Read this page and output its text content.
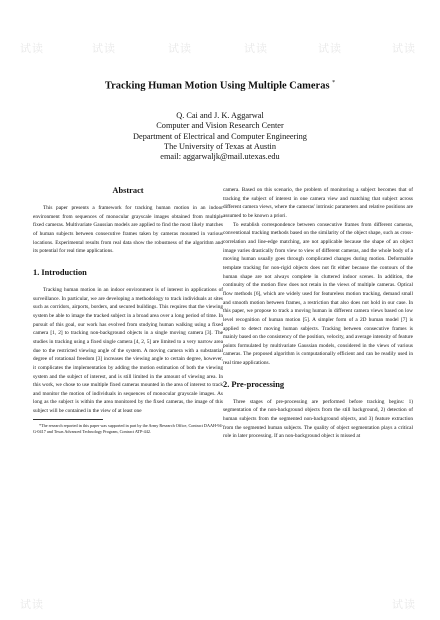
试读	试读	试读	试读	试读
试读
试读
试读
Tracking Human Motion Using Multiple Cameras *
Q. Cai and J. K. Aggarwal
Computer and Vision Research Center
Department of Electrical and Computer Engineering
The University of Texas at Austin
email: aggarwaljk@mail.utexas.edu
Abstract

This paper presents a framework for tracking human motion in an indoor environment from sequences of monocular grayscale images obtained from multiple fixed cameras. Multivariate Gaussian models are applied to find the most likely matches of human subjects between consecutive frames taken by cameras mounted in various locations. Experimental results from real data show the robustness of the algorithm and its potential for real time applications.

1. Introduction

Tracking human motion in an indoor environment is of interest in applications of surveillance. In particular, we are developing a methodology to track individuals at sites such as corridors, airports, borders, and secured buildings. This requires that the viewing system be able to image the tracked subject in a broad area over a long period of time. In pursuit of this goal, our work has evolved from studying human walking using a fixed camera [1, 2] to tracking non-background objects in a single moving camera [3]. The studies in tracking using a fixed single camera [4, 2, 5] are limited to a very narrow area due to the restricted viewing angle of the system. A moving camera with a substantial degree of rotational freedom [3] increases the viewing angle to certain degree, however, it complicates the implementation by adding the motion estimation of both the viewing system and the subject of interest, and is still limited in the amount of viewing area. In this work, we chose to use multiple fixed cameras mounted in the area of interest to track and monitor the motion of individuals in sequences of monocular grayscale images. As long as the subject is within the area monitored by the fixed cameras, the image of this subject will be contained in the view of at least one

*The research reported in this paper was supported in part by the Army Research Office, Contract DAAH-94-G-0417 and Texas Advanced Technology Program, Contract ATP-442.

camera. Based on this scenario, the problem of monitoring a subject becomes that of tracking the subject of interest in one camera view and matching that subject across different camera views, where the cameras' intrinsic parameters and relative positions are assumed to be known a priori.

To establish correspondence between consecutive frames from different cameras, conventional tracking methods based on the similarity of the object shape, such as cross-correlation and line-edge matching, are not applicable because the shape of an object image varies drastically from view to view of different cameras, and the whole body of a moving human usually goes through complicated changes during motion. Deformable template tracking for non-rigid objects does not fit either because the contours of the human shape are not always complete in cluttered indoor scenes. In addition, the continuity of the motion flow does not retain in the views of multiple cameras. Optical flow methods [6], which are widely used for featureless motion tracking, demand small and smooth motion between frames, a restriction that also does not hold in our case. In this paper, we propose to track a moving human in different camera views based on low level recognition of human motion [5]. A simpler form of a 2D human model [7] is applied to detect moving human subjects. Tracking between consecutive frames is mainly based on the consistency of the position, velocity, and average intensity of feature points formulated by multivariate Gaussian models, considered in the views of various cameras. The proposed algorithm is computationally efficient and can be readily used in real time applications.

2. Pre-processing

Three stages of pre-processing are performed before tracking begins: 1) segmentation of the non-background objects from the still background, 2) detection of human subjects from the segmented non-background objects, and 3) feature extraction from the segmented human subjects. The quality of object segmentation plays a critical role in later processing. If an non-background object is missed at
